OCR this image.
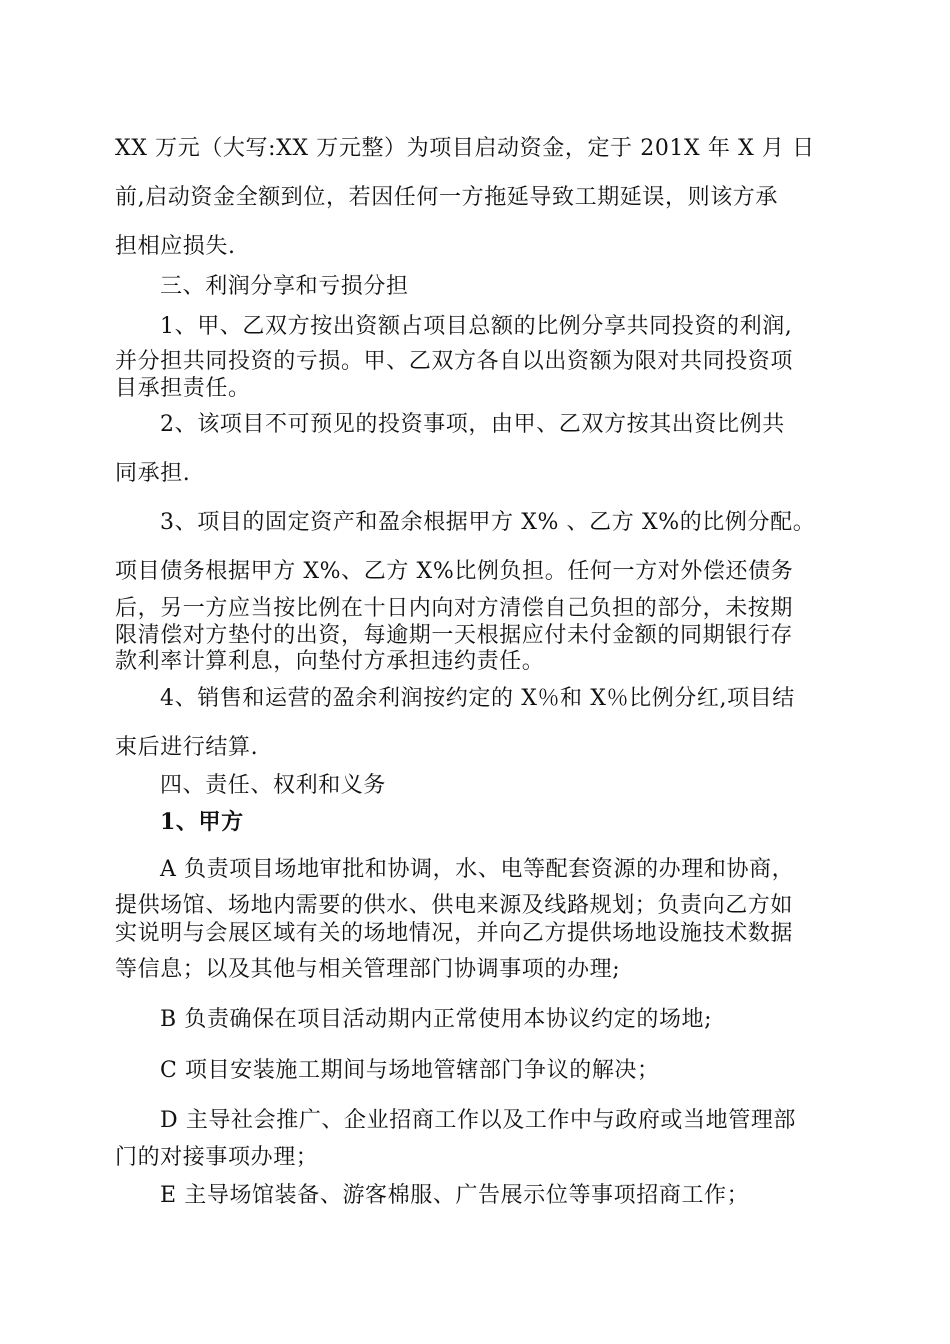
XX 万元（大写:XX 万元整）为项目启动资金，定于 201X 年 X 月 日
前,启动资金全额到位，若因任何一方拖延导致工期延误，则该方承
担相应损失.
三、利润分享和亏损分担
1、甲、乙双方按出资额占项目总额的比例分享共同投资的利润,
并分担共同投资的亏损。甲、乙双方各自以出资额为限对共同投资项
目承担责任。
2、该项目不可预见的投资事项，由甲、乙双方按其出资比例共
同承担.
3、项目的固定资产和盈余根据甲方 X% 、乙方 X%的比例分配。
项目债务根据甲方 X%、乙方 X%比例负担。任何一方对外偿还债务
后，另一方应当按比例在十日内向对方清偿自己负担的部分，未按期
限清偿对方垫付的出资，每逾期一天根据应付未付金额的同期银行存
款利率计算利息，向垫付方承担违约责任。
4、销售和运营的盈余利润按约定的 X％和 X％比例分红,项目结
束后进行结算.
四、责任、权利和义务
1、甲方
A 负责项目场地审批和协调，水、电等配套资源的办理和协商，
提供场馆、场地内需要的供水、供电来源及线路规划；负责向乙方如
实说明与会展区域有关的场地情况，并向乙方提供场地设施技术数据
等信息；以及其他与相关管理部门协调事项的办理;
B 负责确保在项目活动期内正常使用本协议约定的场地;
C 项目安装施工期间与场地管辖部门争议的解决；
D 主导社会推广、企业招商工作以及工作中与政府或当地管理部
门的对接事项办理；
E 主导场馆装备、游客棉服、广告展示位等事项招商工作；
